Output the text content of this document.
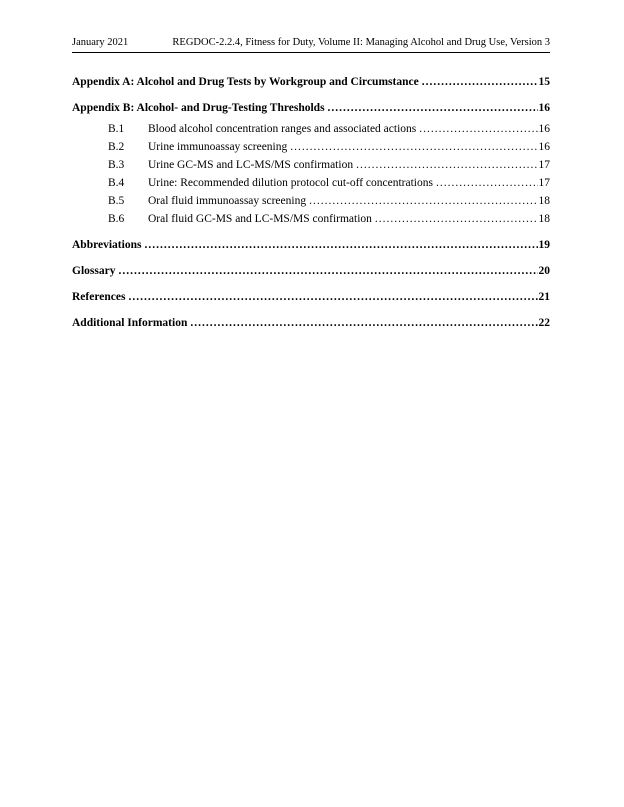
January 2021	REGDOC-2.2.4, Fitness for Duty, Volume II: Managing Alcohol and Drug Use, Version 3
Appendix A: Alcohol and Drug Tests by Workgroup and Circumstance .....	15
Appendix B: Alcohol- and Drug-Testing Thresholds .....	16
B.1	Blood alcohol concentration ranges and associated actions .....	16
B.2	Urine immunoassay screening .....	16
B.3	Urine GC-MS and LC-MS/MS confirmation .....	17
B.4	Urine: Recommended dilution protocol cut-off concentrations .....	17
B.5	Oral fluid immunoassay screening .....	18
B.6	Oral fluid GC-MS and LC-MS/MS confirmation .....	18
Abbreviations .....	19
Glossary .....	20
References .....	21
Additional Information .....	22
